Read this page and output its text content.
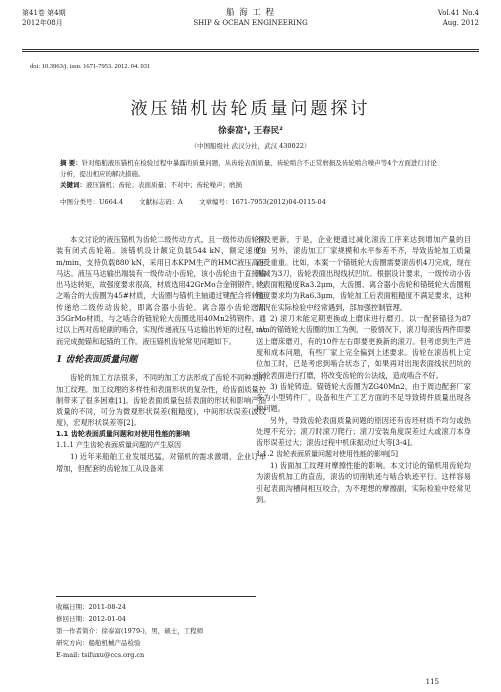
第41卷 第4期
2012年08月
船 海 工 程
SHIP & OCEAN ENGINEERING
Vol.41 No.4
Aug. 2012
doi: 10.3963/j. issn. 1671-7953. 2012. 04. 031
液压锚机齿轮质量问题探讨
徐泰富¹, 王春民²
（中国船级社 武汉分社，武汉 430022）
摘 要：针对船舶液压锚机在检验过程中暴露的质量问题，从齿轮表面质量、齿轮啮合不正常磨损及齿轮啮合噪声等4个方面进行讨论分析，提出相应的解决措施。
关键词：液压锚机；齿轮；表面质量；不对中；齿轮噪声；磨损
中图分类号：U664.4 文献标志码：A 文章编号：1671-7953(2012)04-0115-04

本文讨论的液压锚机为齿轮二级传动方式，且一级传动齿轮副装有闭式齿轮箱。该锚机设计额定负载544 kN，额定速度9 m/min，支持负载880 kN，采用日本KPM生产的HMC液压高压马达。液压马达输出端装有一级传动小齿轮，该小齿轮由于直接输出马达转矩，故强度要求很高，材质选用42GrMo合金钢锻件。与之啮合的大齿圈为45#材质，大齿圈与锚机主轴通过键配合将转矩传递给二级传动齿轮，即离合器小齿轮。离合器小齿轮选用35GrMo材质，与之啮合的链轮轮大齿圈选用40Mn2铸钢件。通过以上两对齿轮副的啮合，实现传递液压马达输出转矩的过程，从而完成抛锚和起锚的工作。液压锚机齿轮常见问题如下。

1 齿轮表面质量问题

齿轮的加工方法很多，不同的加工方法形成了齿轮不同种类的加工纹理。加工纹理的多样性和表面形状的复杂性，给齿面质量控制带来了很多困难[1]。齿轮表面质量包括表面的形状和影响产品质量的不同，可分为微观形状误差(粗糙度)，中间形状误差(波纹度)，宏观形状误差等[2]。

1.1 齿轮表面质量问题和对使用性能的影响
1.1.1 产生齿轮表面质量问题的产生原因

1) 近年来船舶工业发展迅猛，对锚机的需求激增，企业订单增加，但配套的齿轮加工从设备来

不及更新，于是，企业便通过减化滚齿工序来达到增加产量的目的。另外，滚齿加工厂家规模和水平参差不齐，导致齿轮加工质量而受重重。比如，本案一个锚链轮大齿圈需要滚齿机4刀完成，现在则减为3刀，齿轮表面出现线状凹坑。根据设计要求，一级传动小齿轮表面粗糙度Ra3.2μm，大齿圈、离合器小齿轮和锚链轮大齿圈粗糙度要求均为Ra6.3μm，齿轮加工后表面粗糙度不满足要求，这种情况在实际检验中经常遇到，部加强控制管理。

2) 滚刀未能定期更换或上磨床进行磨刃。以一配套锚径为87 mm的锚链轮大齿圈的加工为例，一般情况下，滚刀每滚齿两件即要送上磨床磨刃，有的10件左右即要更换新的滚刀。但考虑到生产进度和成本问题，有些厂家上完全偏到上述要求。齿轮在滚齿机上定位加工时，已是考虑到啮合状态了，如果再对出现表面线状凹坑的齿轮表面进行打磨，将改变齿轮的公法线，造成啮合不好。

3) 齿轮铸造。锚链轮大齿圈为ZG40Mn2，由于周边配套厂家多为小型铸件厂，设备和生产工艺方面的不足导致铸件质量出现各种问题。

另外，导致齿轮表面质量问题的原因还有齿坯材质不均匀或热处理不充分；滚刀时滚刀爬行；滚刀安装角度误差过大或滚刀本身齿形误差过大；滚齿过程中机床振动过大等[3-4]。

1.1.2 齿轮表面质量问题对使用性能的影响[5]

1) 齿面加工纹理对摩擦性能的影响。本文讨论的锚机用齿轮均为滚齿机加工的直齿，滚齿的切削轨迹与啮合轨迹平行。这样容易引起表面沟槽间相互咬合，为不理想的摩擦副，实际检验中经常见到。

收稿日期：2011-08-24
修回日期：2012-01-04
第一作者简介：徐泰富(1979-)，男，硕士，工程师
研究方向：船舶机械产品检验
E-mail: tsifuxu@ccs.org.cn
115
